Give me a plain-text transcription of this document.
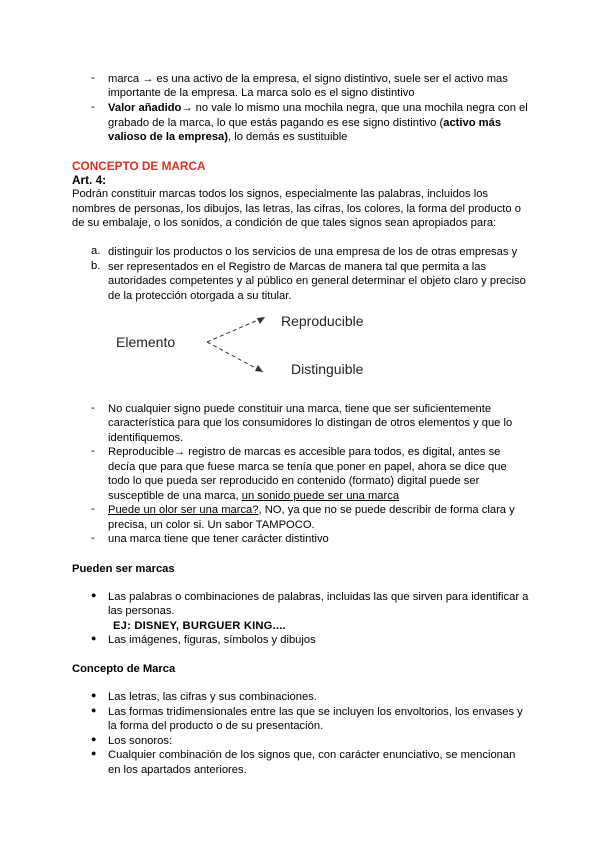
- marca → es una activo de la empresa, el signo distintivo, suele ser el activo mas
importante de la empresa. La marca solo es el signo distintivo
- Valor añadido→ no vale lo mismo una mochila negra, que una mochila negra con el
grabado de la marca, lo que estás pagando es ese signo distintivo (activo más
valioso de la empresa), lo demás es sustituible
CONCEPTO DE MARCA
Art. 4:
Podrán constituir marcas todos los signos, especialmente las palabras, incluidos los
nombres de personas, los dibujos, las letras, las cifras, los colores, la forma del producto o
de su embalaje, o los sonidos, a condición de que tales signos sean apropiados para:
a. distinguir los productos o los servicios de una empresa de los de otras empresas y
b. ser representados en el Registro de Marcas de manera tal que permita a las
autoridades competentes y al público en general determinar el objeto claro y preciso
de la protección otorgada a su titular.
Elemento
Reproducible
Distinguible
- No cualquier signo puede constituir una marca, tiene que ser suficientemente
característica para que los consumidores lo distingan de otros elementos y que lo
identifiquemos.
- Reproducible→ registro de marcas es accesible para todos, es digital, antes se
decía que para que fuese marca se tenía que poner en papel, ahora se dice que
todo lo que pueda ser reproducido en contenido (formato) digital puede ser
susceptible de una marca, un sonido puede ser una marca
- Puede un olor ser una marca?, NO, ya que no se puede describir de forma clara y
precisa, un color si. Un sabor TAMPOCO.
- una marca tiene que tener carácter distintivo
Pueden ser marcas
● Las palabras o combinaciones de palabras, incluidas las que sirven para identificar a
las personas.
EJ: DISNEY, BURGUER KING....
● Las imágenes, figuras, símbolos y dibujos
Concepto de Marca
● Las letras, las cifras y sus combinaciones.
● Las formas tridimensionales entre las que se incluyen los envoltorios, los envases y
la forma del producto o de su presentación.
● Los sonoros:
● Cualquier combinación de los signos que, con carácter enunciativo, se mencionan
en los apartados anteriores.
